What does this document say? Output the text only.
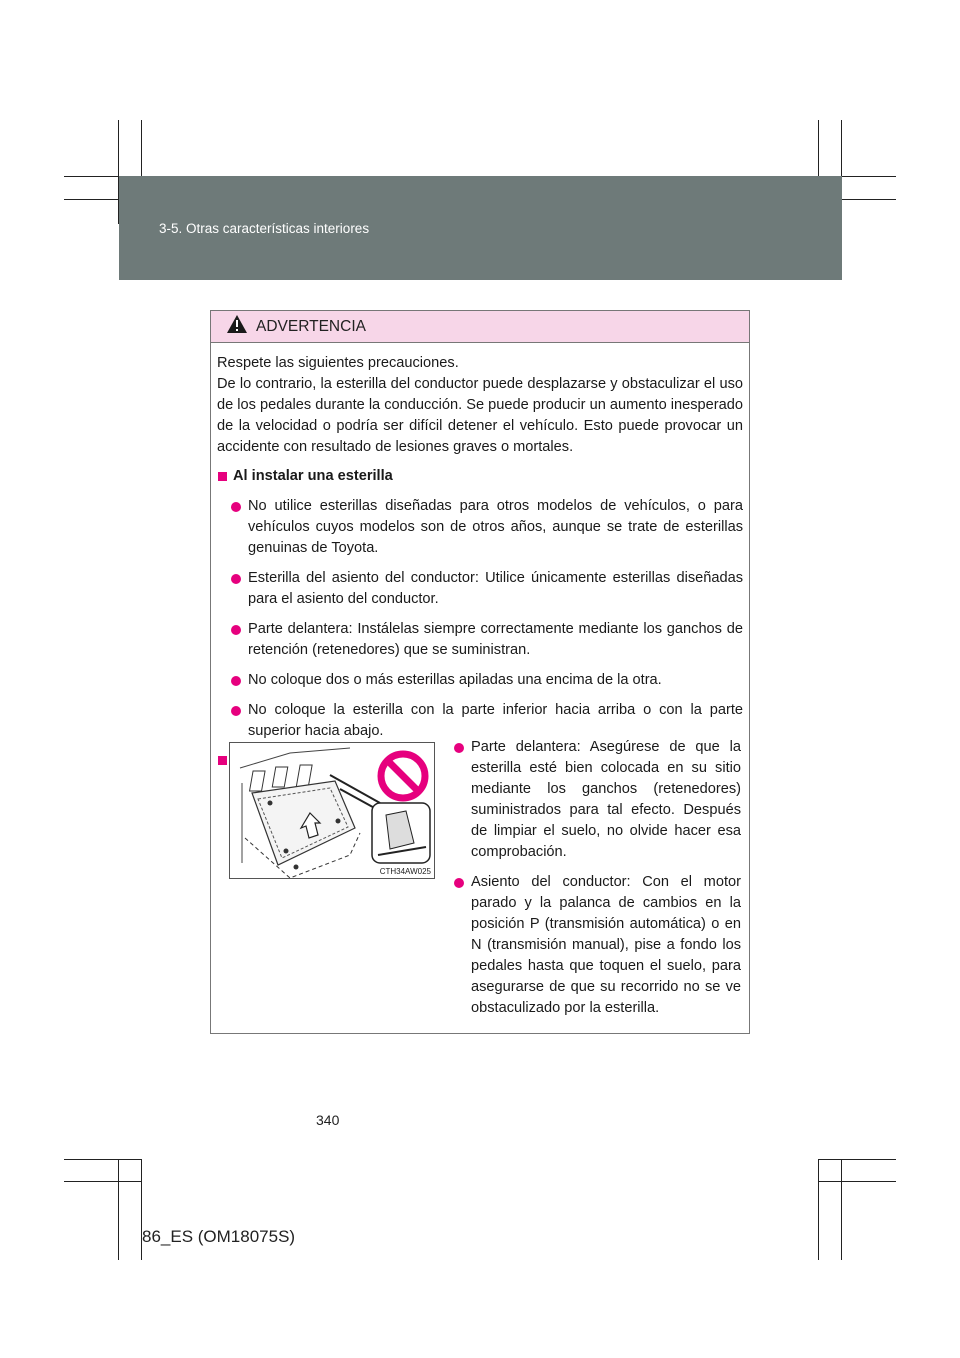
3-5. Otras características interiores
ADVERTENCIA

Respete las siguientes precauciones.

De lo contrario, la esterilla del conductor puede desplazarse y obstaculizar el uso de los pedales durante la conducción. Se puede producir un aumento inesperado de la velocidad o podría ser difícil detener el vehículo. Esto puede provocar un accidente con resultado de lesiones graves o mortales.

Al instalar una esterilla
No utilice esterillas diseñadas para otros modelos de vehículos, o para vehículos cuyos modelos son de otros años, aunque se trate de esterillas genuinas de Toyota.
Esterilla del asiento del conductor: Utilice únicamente esterillas diseñadas para el asiento del conductor.
Parte delantera: Instálelas siempre correctamente mediante los ganchos de retención (retenedores) que se suministran.
No coloque dos o más esterillas apiladas una encima de la otra.
No coloque la esterilla con la parte inferior hacia arriba o con la parte superior hacia abajo.
CTH34AW025
Parte delantera: Asegúrese de que la esterilla esté bien colocada en su sitio mediante los ganchos (retenedores) suministrados para tal efecto. Después de limpiar el suelo, no olvide hacer esa comprobación.
Asiento del conductor: Con el motor parado y la palanca de cambios en la posición P (transmisión automática) o en N (transmisión manual), pise a fondo los pedales hasta que toquen el suelo, para asegurarse de que su recorrido no se ve obstaculizado por la esterilla.
340
86_ES (OM18075S)
